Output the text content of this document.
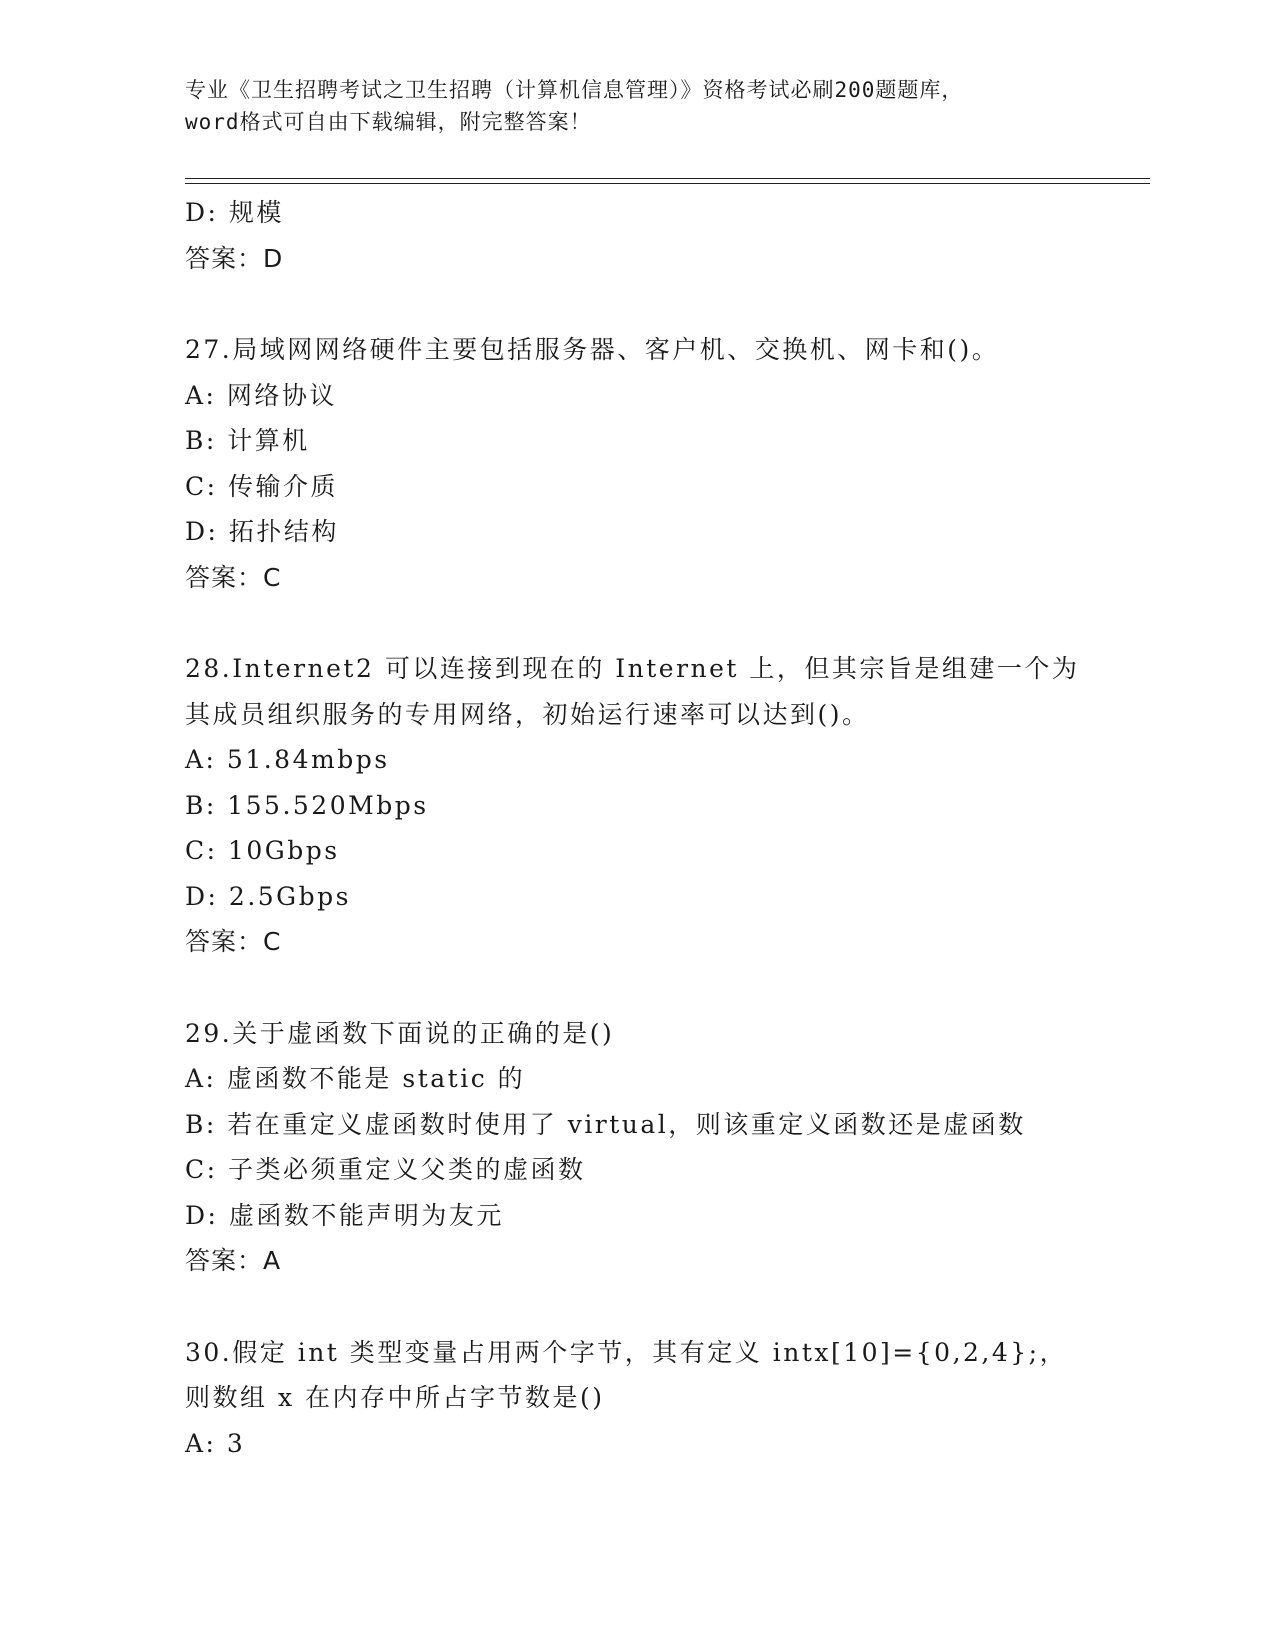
专业《卫生招聘考试之卫生招聘（计算机信息管理）》资格考试必刷200题题库，
word格式可自由下载编辑，附完整答案！
D: 规模
答案：D
27.局域网网络硬件主要包括服务器、客户机、交换机、网卡和()。
A: 网络协议
B: 计算机
C: 传输介质
D: 拓扑结构
答案：C
28.Internet2 可以连接到现在的 Internet 上，但其宗旨是组建一个为
其成员组织服务的专用网络，初始运行速率可以达到()。
A: 51.84mbps
B: 155.520Mbps
C: 10Gbps
D: 2.5Gbps
答案：C
29.关于虚函数下面说的正确的是()
A: 虚函数不能是 static 的
B: 若在重定义虚函数时使用了 virtual，则该重定义函数还是虚函数
C: 子类必须重定义父类的虚函数
D: 虚函数不能声明为友元
答案：A
30.假定 int 类型变量占用两个字节，其有定义 intx[10]={0,2,4};，
则数组 x 在内存中所占字节数是()
A: 3
